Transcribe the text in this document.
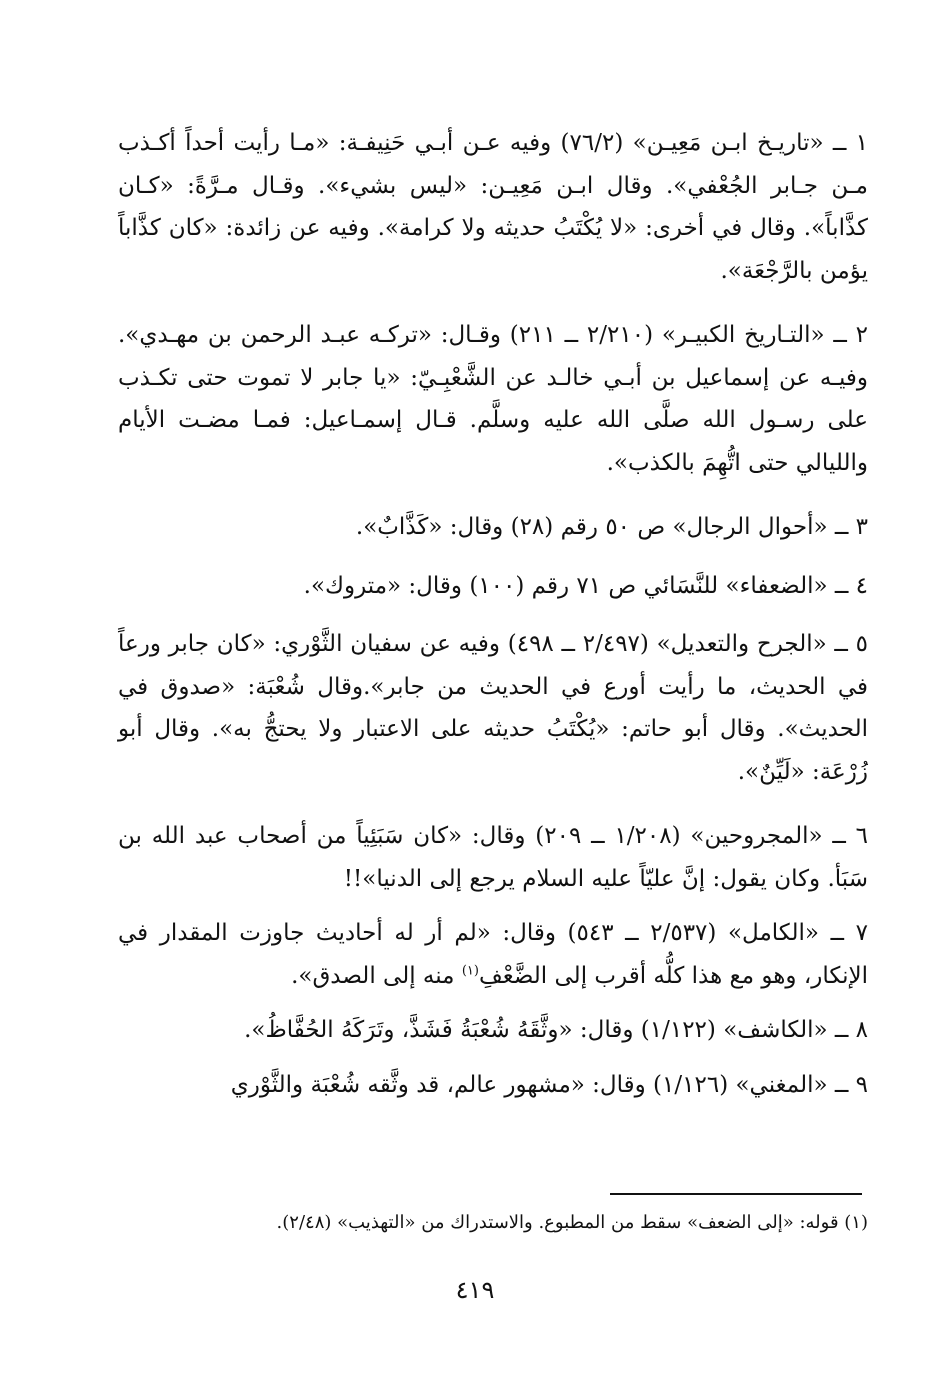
١ ــ «تاريـخ ابـن مَعِيـن» (٧٦/٢) وفيه عـن أبـي حَنِيفـة: «مـا رأيت أحداً أكـذب مـن جـابر الجُعْفي». وقال ابـن مَعِيـن: «ليس بشيء». وقـال مـرَّةً: «كـان كذَّاباً». وقال في أخرى: «لا يُكْتَبُ حديثه ولا كرامة». وفيه عن زائدة: «كان كذَّاباً يؤمن بالرَّجْعَة».

٢ ــ «التـاريخ الكبيـر» (٢/٢١٠ ــ ٢١١) وقـال: «تركـه عبـد الرحمن بن مهـدي». وفيـه عن إسماعيل بن أبـي خالـد عن الشَّعْبِـيّ: «يا جابر لا تموت حتى تكـذب على رسـول الله صلَّى الله عليه وسلَّم. قـال إسمـاعيل: فمـا مضـت الأيام والليالي حتى اتُّهِمَ بالكذب».

٣ ــ «أحوال الرجال» ص ٥٠ رقم (٢٨) وقال: «كَذَّابٌ».

٤ ــ «الضعفاء» للنَّسَائي ص ٧١ رقم (١٠٠) وقال: «متروك».

٥ ــ «الجرح والتعديل» (٢/٤٩٧ ــ ٤٩٨) وفيه عن سفيان الثَّوْري: «كان جابر ورعاً في الحديث، ما رأيت أورع في الحديث من جابر».وقال شُعْبَة: «صدوق في الحديث». وقال أبو حاتم: «يُكْتَبُ حديثه على الاعتبار ولا يحتجُّ به». وقال أبو زُرْعَة: «لَيِّنٌ».

٦ ــ «المجروحين» (١/٢٠٨ ــ ٢٠٩) وقال: «كان سَبَئِياً من أصحاب عبد الله بن سَبَأ. وكان يقول: إنَّ عليّاً عليه السلام يرجع إلى الدنيا»!!

٧ ــ «الكامل» (٢/٥٣٧ ــ ٥٤٣) وقال: «لم أر له أحاديث جاوزت المقدار في الإنكار، وهو مع هذا كلُّه أقرب إلى الضَّعْفِ$^{(١)}$ منه إلى الصدق».

٨ ــ «الكاشف» (١/١٢٢) وقال: «وثَّقَهُ شُعْبَةُ فَشَذَّ، وتَرَكَهُ الحُفَّاظُ».

٩ ــ «المغني» (١/١٢٦) وقال: «مشهور عالم، قد وثَّقه شُعْبَة والثَّوْري

(١) قوله: «إلى الضعف» سقط من المطبوع. والاستدراك من «التهذيب» (٢/٤٨).

٤١٩
